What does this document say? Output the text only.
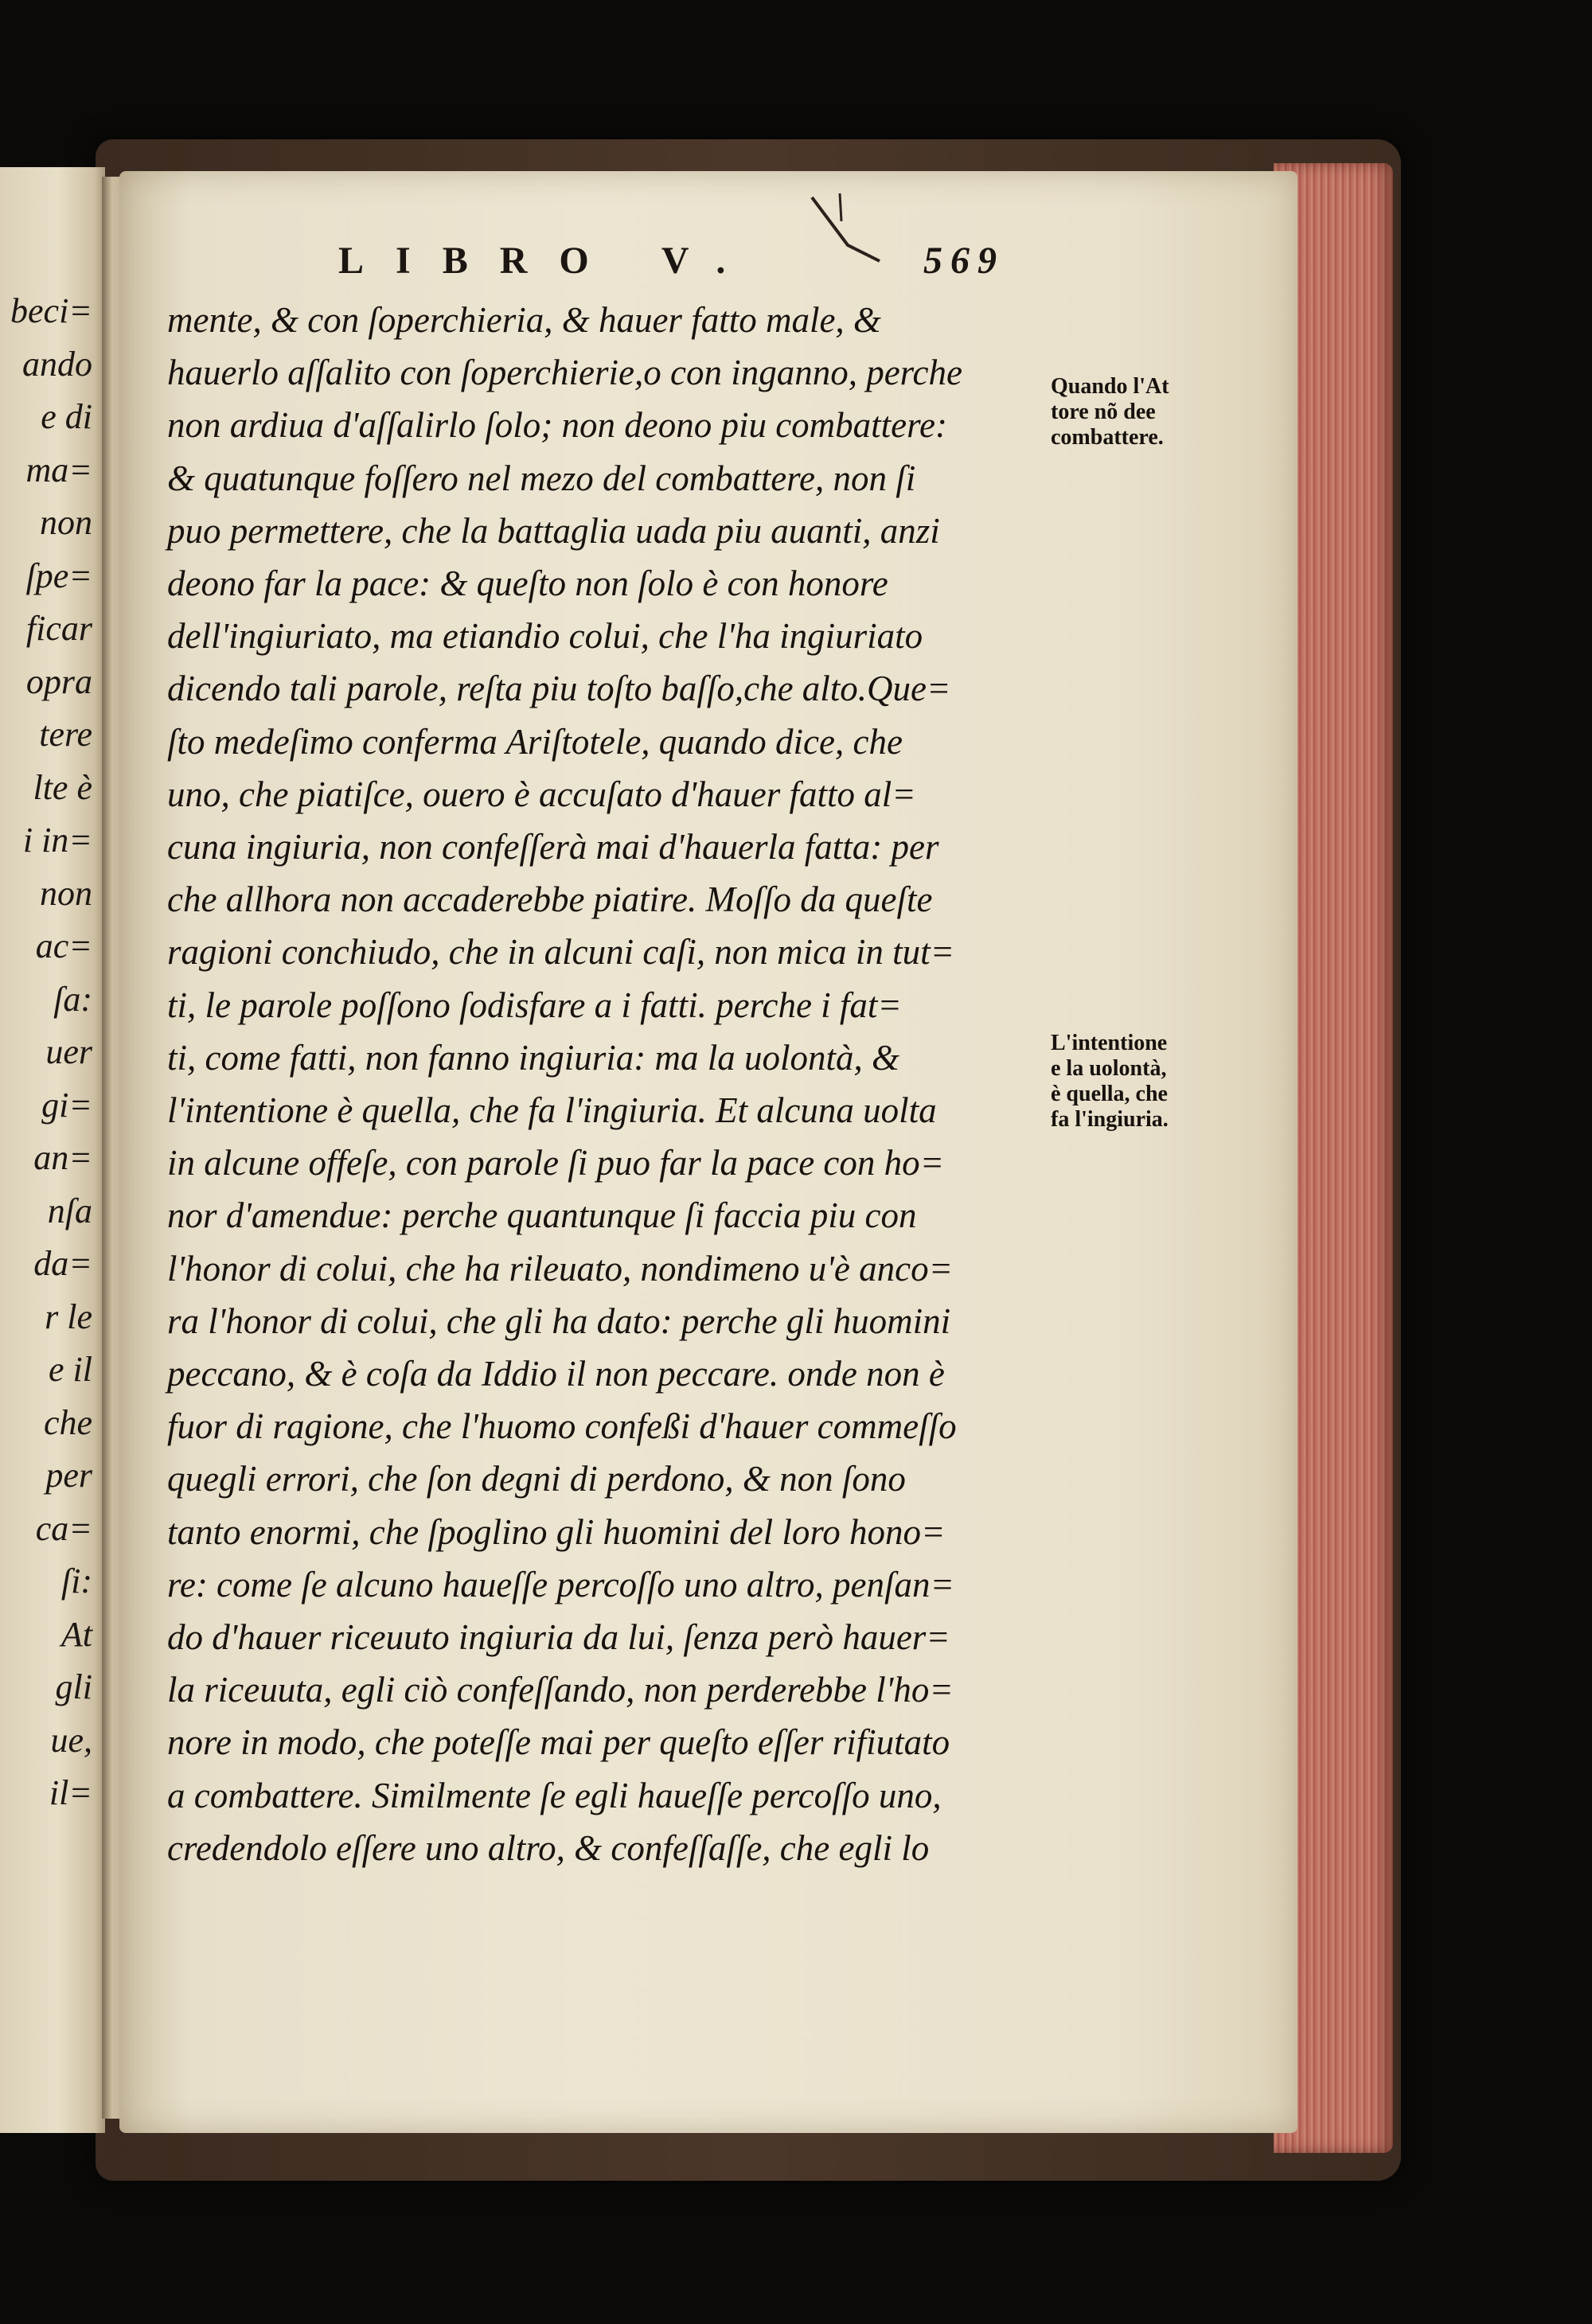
beci=
ando
e di
ma=
non
ſpe=
ficar
opra
tere
lte è
i in=
non
ac=
ſa:
uer
gi=
an=
nſa
da=
r le
e il
che
per
ca=
ſi:
At
gli
ue,
il=
LIBRO V.	569
mente, & con ſoperchieria, & hauer fatto male, &
hauerlo aſſalito con ſoperchierie,o con inganno, perche
non ardiua d'aſſalirlo ſolo; non deono piu combattere:
& quatunque foſſero nel mezo del combattere, non ſi
puo permettere, che la battaglia uada piu auanti, anzi
deono far la pace: & queſto non ſolo è con honore
dell'ingiuriato, ma etiandio colui, che l'ha ingiuriato
dicendo tali parole, reſta piu toſto baſſo,che alto.Que=
ſto medeſimo conferma Ariſtotele, quando dice, che
uno, che piatiſce, ouero è accuſato d'hauer fatto al=
cuna ingiuria, non confeſſerà mai d'hauerla fatta: per
che allhora non accaderebbe piatire. Moſſo da queſte
ragioni conchiudo, che in alcuni caſi, non mica in tut=
ti, le parole poſſono ſodisfare a i fatti. perche i fat=
ti, come fatti, non fanno ingiuria: ma la uolontà, &
l'intentione è quella, che fa l'ingiuria. Et alcuna uolta
in alcune offeſe, con parole ſi puo far la pace con ho=
nor d'amendue: perche quantunque ſi faccia piu con
l'honor di colui, che ha rileuato, nondimeno u'è anco=
ra l'honor di colui, che gli ha dato: perche gli huomini
peccano, & è coſa da Iddio il non peccare. onde non è
fuor di ragione, che l'huomo confeßi d'hauer commeſſo
quegli errori, che ſon degni di perdono, & non ſono
tanto enormi, che ſpoglino gli huomini del loro hono=
re: come ſe alcuno haueſſe percoſſo uno altro, penſan=
do d'hauer riceuuto ingiuria da lui, ſenza però hauer=
la riceuuta, egli ciò confeſſando, non perderebbe l'ho=
nore in modo, che poteſſe mai per queſto eſſer rifiutato
a combattere. Similmente ſe egli haueſſe percoſſo uno,
credendolo eſſere uno altro, & confeſſaſſe, che egli lo
Quando l'At
tore nõ dee
combattere.
L'intentione
e la uolontà,
è quella, che
fa l'ingiuria.
